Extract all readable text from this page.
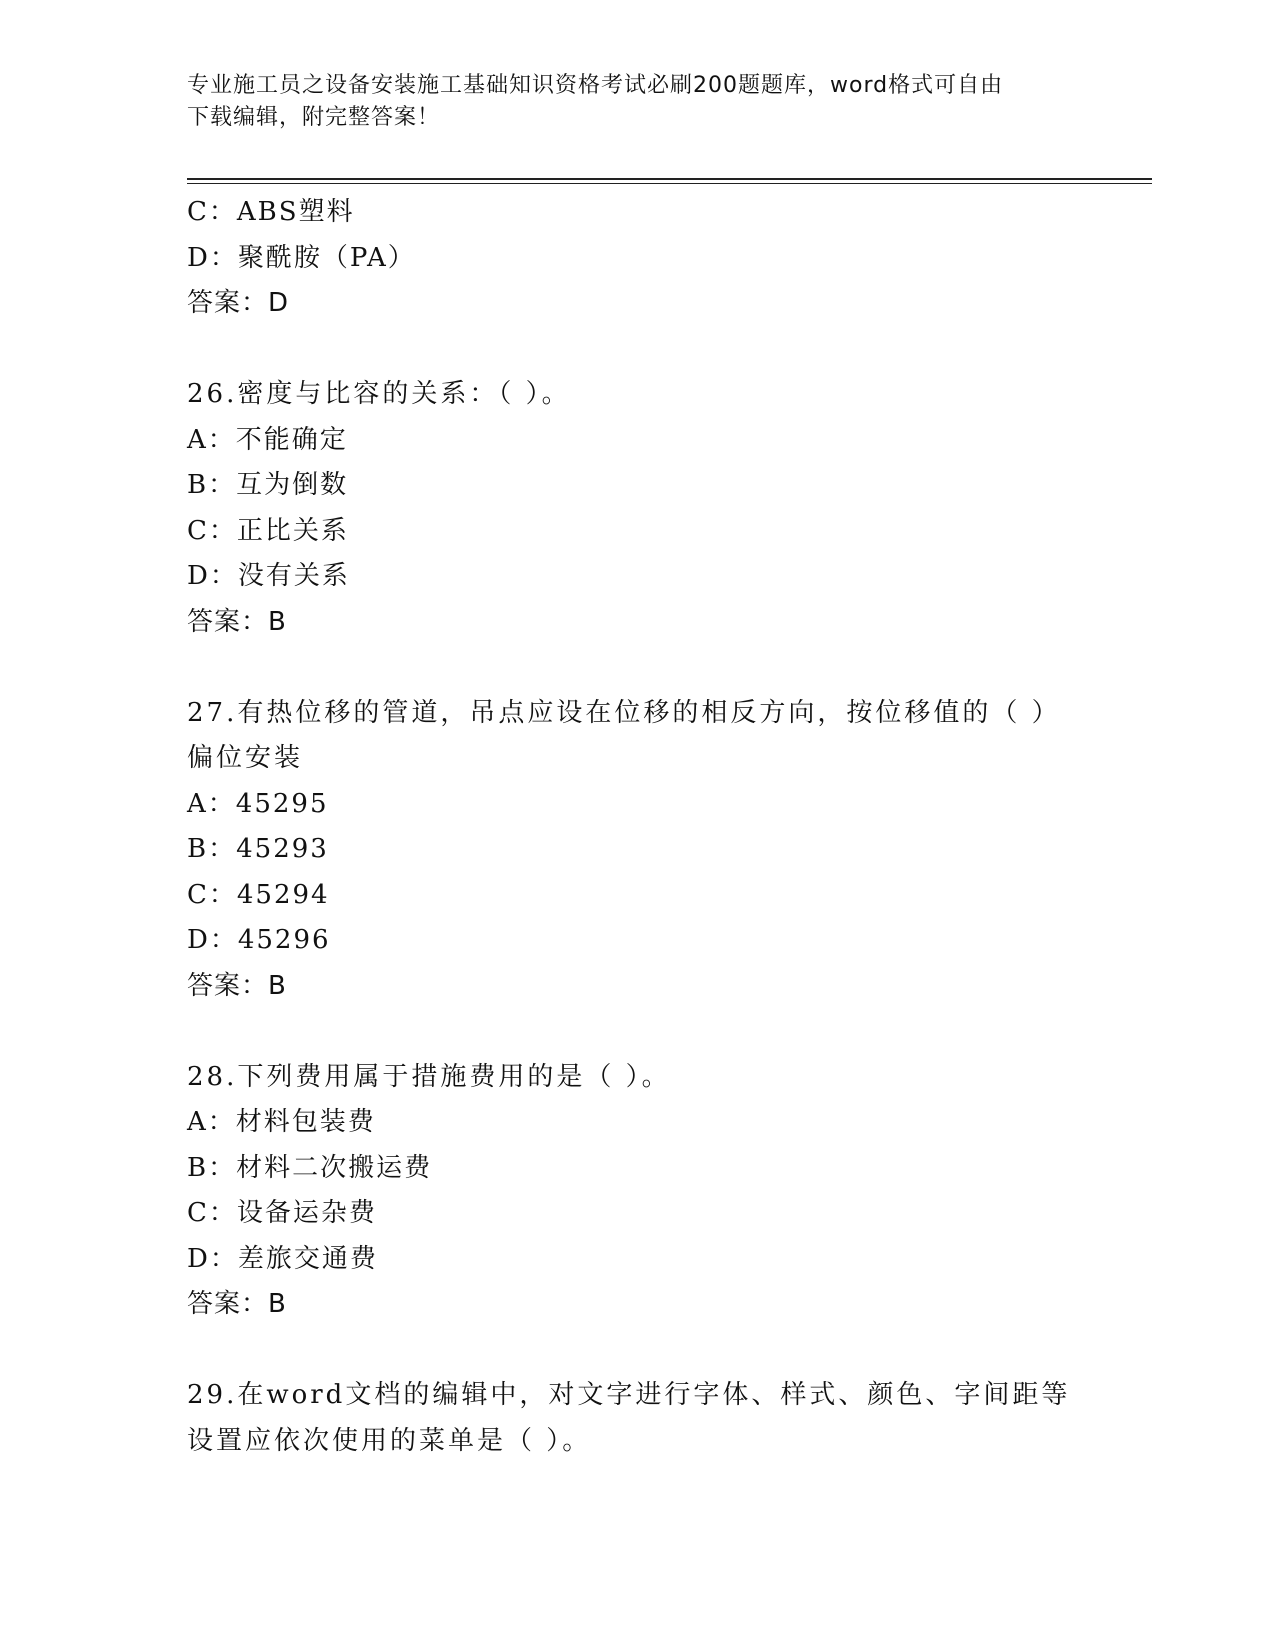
专业施工员之设备安装施工基础知识资格考试必刷200题题库，word格式可自由
下载编辑，附完整答案！
C：ABS塑料
D：聚酰胺（PA）
答案：D
26.密度与比容的关系：（ ）。
A：不能确定
B：互为倒数
C：正比关系
D：没有关系
答案：B
27.有热位移的管道，吊点应设在位移的相反方向，按位移值的（ ）
偏位安装
A：45295
B：45293
C：45294
D：45296
答案：B
28.下列费用属于措施费用的是（ ）。
A：材料包装费
B：材料二次搬运费
C：设备运杂费
D：差旅交通费
答案：B
29.在word文档的编辑中，对文字进行字体、样式、颜色、字间距等
设置应依次使用的菜单是（ ）。
